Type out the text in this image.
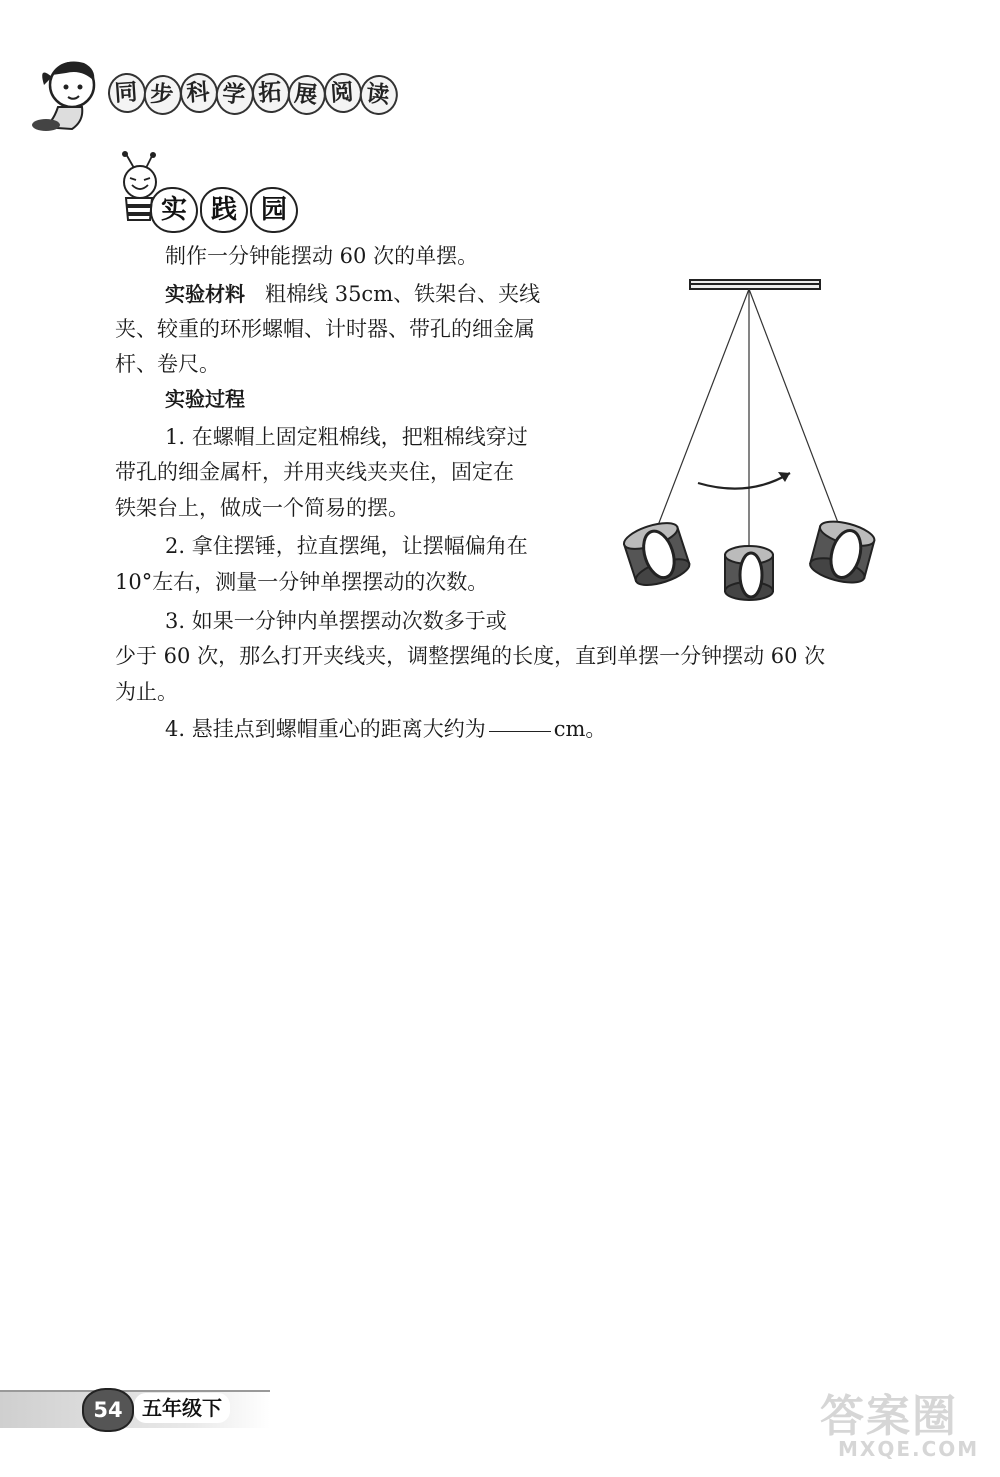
同 步 科 学 拓 展 阅 读
实 践 园

制作一分钟能摆动 60 次的单摆。

实验材料 粗棉线 35cm、铁架台、夹线

夹、较重的环形螺帽、计时器、带孔的细金属

杆、卷尺。

实验过程

1. 在螺帽上固定粗棉线，把粗棉线穿过

带孔的细金属杆，并用夹线夹夹住，固定在

铁架台上，做成一个简易的摆。

2. 拿住摆锤，拉直摆绳，让摆幅偏角在

10°左右，测量一分钟单摆摆动的次数。

3. 如果一分钟内单摆摆动次数多于或

少于 60 次，那么打开夹线夹，调整摆绳的长度，直到单摆一分钟摆动 60 次

为止。

4. 悬挂点到螺帽重心的距离大约为	cm。

54 五年级下	答案圈
MXQE.COM
